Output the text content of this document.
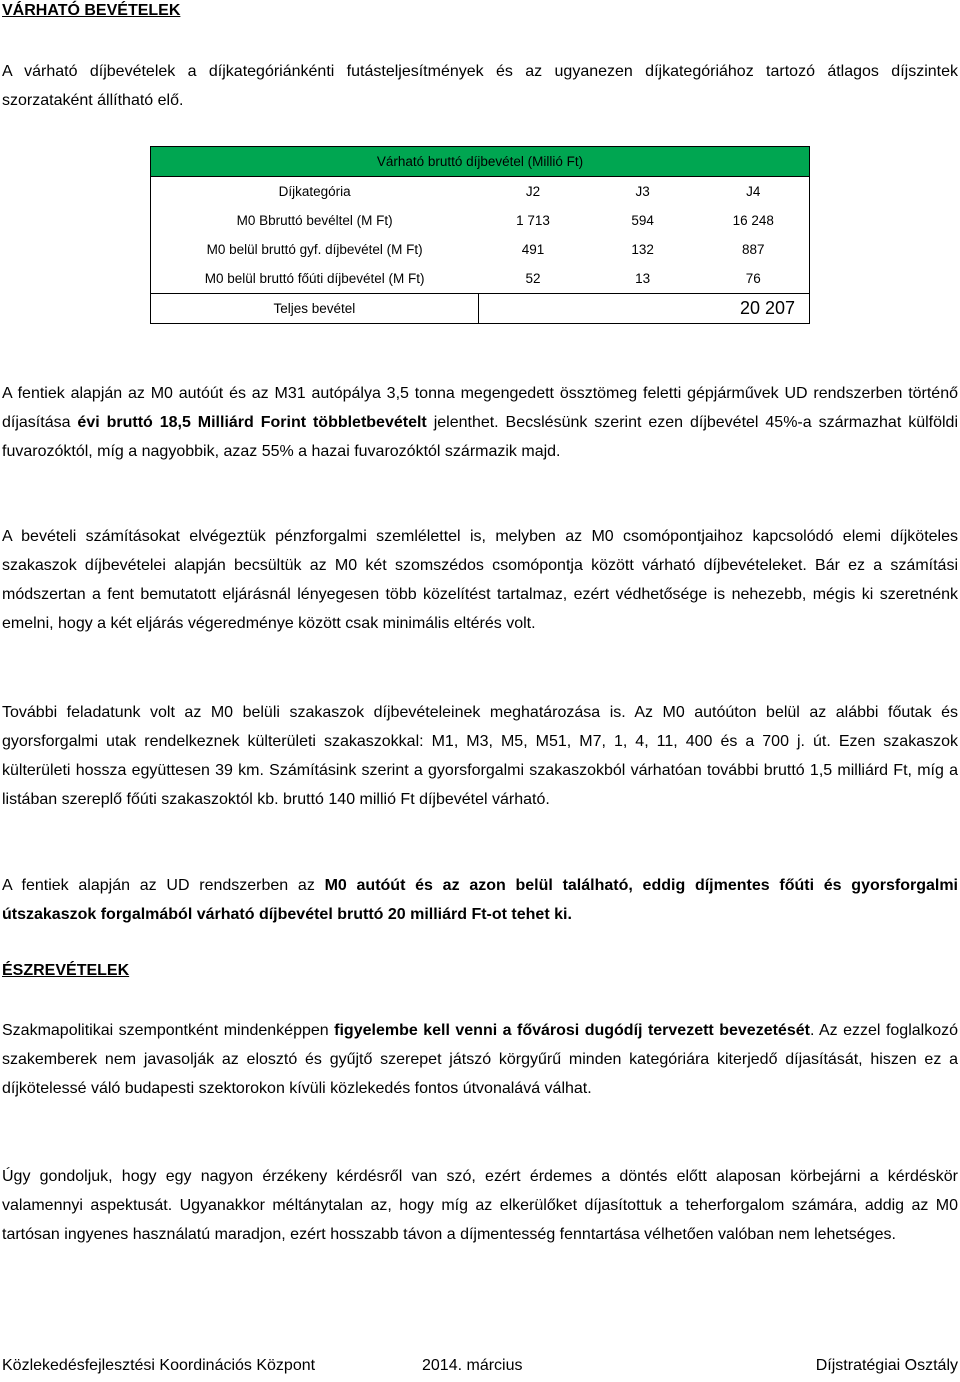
VÁRHATÓ BEVÉTELEK

A várható díjbevételek a díjkategóriánkénti futásteljesítmények és az ugyanezen díjkategóriához tartozó átlagos díjszintek szorzataként állítható elő.

Várható bruttó díjbevétel (Millió Ft)			
Díjkategória	J2	J3	J4
M0 Bbruttó bevéltel (M Ft)	1 713	594	16 248
M0 belül bruttó gyf. díjbevétel (M Ft)	491	132	887
M0 belül bruttó főúti díjbevétel (M Ft)	52	13	76
Teljes bevétel	20 207		

A fentiek alapján az M0 autóút és az M31 autópálya 3,5 tonna megengedett össztömeg feletti gépjárművek UD rendszerben történő díjasítása évi bruttó 18,5 Milliárd Forint többletbevételt jelenthet. Becslésünk szerint ezen díjbevétel 45%-a származhat külföldi fuvarozóktól, míg a nagyobbik, azaz 55% a hazai fuvarozóktól származik majd.

A bevételi számításokat elvégeztük pénzforgalmi szemlélettel is, melyben az M0 csomópontjaihoz kapcsolódó elemi díjköteles szakaszok díjbevételei alapján becsültük az M0 két szomszédos csomópontja között várható díjbevételeket. Bár ez a számítási módszertan a fent bemutatott eljárásnál lényegesen több közelítést tartalmaz, ezért védhetősége is nehezebb, mégis ki szeretnénk emelni, hogy a két eljárás végeredménye között csak minimális eltérés volt.

További feladatunk volt az M0 belüli szakaszok díjbevételeinek meghatározása is. Az M0 autóúton belül az alábbi főutak és gyorsforgalmi utak rendelkeznek külterületi szakaszokkal: M1, M3, M5, M51, M7, 1, 4, 11, 400 és a 700 j. út. Ezen szakaszok külterületi hossza együttesen 39 km. Számításink szerint a gyorsforgalmi szakaszokból várhatóan további bruttó 1,5 milliárd Ft, míg a listában szereplő főúti szakaszoktól kb. bruttó 140 millió Ft díjbevétel várható.

A fentiek alapján az UD rendszerben az M0 autóút és az azon belül található, eddig díjmentes főúti és gyorsforgalmi útszakaszok forgalmából várható díjbevétel bruttó 20 milliárd Ft-ot tehet ki.

ÉSZREVÉTELEK

Szakmapolitikai szempontként mindenképpen figyelembe kell venni a fővárosi dugódíj tervezett bevezetését. Az ezzel foglalkozó szakemberek nem javasolják az elosztó és gyűjtő szerepet játszó körgyűrű minden kategóriára kiterjedő díjasítását, hiszen ez a díjkötelessé váló budapesti szektorokon kívüli közlekedés fontos útvonalává válhat.

Úgy gondoljuk, hogy egy nagyon érzékeny kérdésről van szó, ezért érdemes a döntés előtt alaposan körbejárni a kérdéskör valamennyi aspektusát. Ugyanakkor méltánytalan az, hogy míg az elkerülőket díjasítottuk a teherforgalom számára, addig az M0 tartósan ingyenes használatú maradjon, ezért hosszabb távon a díjmentesség fenntartása vélhetően valóban nem lehetséges.

Közlekedésfejlesztési Koordinációs Központ	2014. március	Díjstratégiai Osztály
